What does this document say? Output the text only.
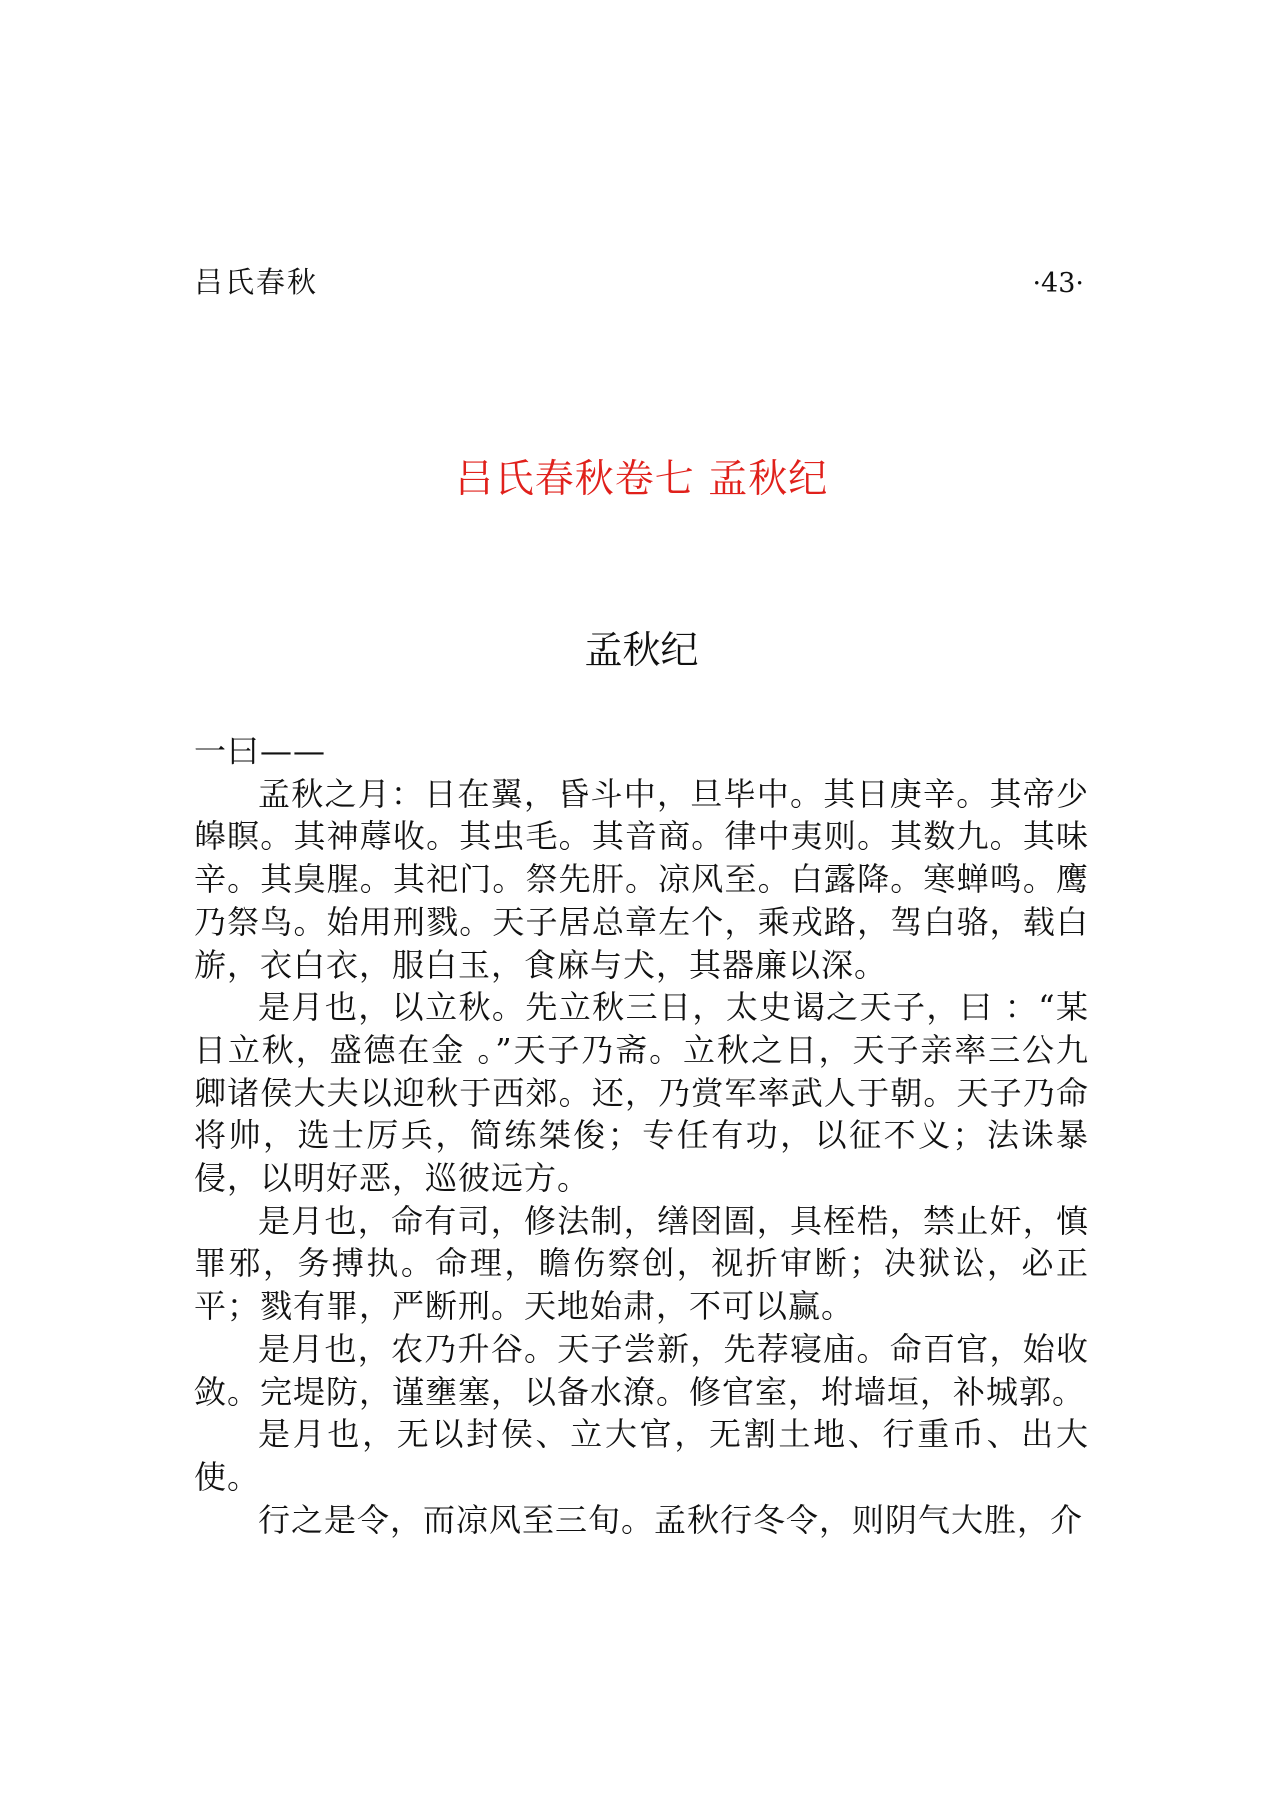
吕氏春秋	·43·
吕氏春秋卷七 孟秋纪
孟秋纪

一曰——

孟秋之月：日在翼，昏斗中，旦毕中。其日庚辛。其帝少皞瞑。其神蓐收。其虫毛。其音商。律中夷则。其数九。其味辛。其臭腥。其祀门。祭先肝。凉风至。白露降。寒蝉鸣。鹰乃祭鸟。始用刑戮。天子居总章左个，乘戎路，驾白骆，载白旂，衣白衣，服白玉，食麻与犬，其器廉以深。

是月也，以立秋。先立秋三日，太史谒之天子，曰 ：“某日立秋，盛德在金 。”天子乃斋。立秋之日，天子亲率三公九卿诸侯大夫以迎秋于西郊。还，乃赏军率武人于朝。天子乃命将帅，选士厉兵，简练桀俊；专任有功，以征不义；法诛暴侵，以明好恶，巡彼远方。

是月也，命有司，修法制，缮囹圄，具桎梏，禁止奸，慎罪邪，务搏执。命理，瞻伤察创，视折审断；决狱讼，必正平；戮有罪，严断刑。天地始肃，不可以赢。

是月也，农乃升谷。天子尝新，先荐寝庙。命百官，始收敛。完堤防，谨壅塞，以备水潦。修官室，坿墙垣，补城郭。

是月也，无以封侯、立大官，无割土地、行重币、出大使。

行之是令，而凉风至三旬。孟秋行冬令，则阴气大胜，介
